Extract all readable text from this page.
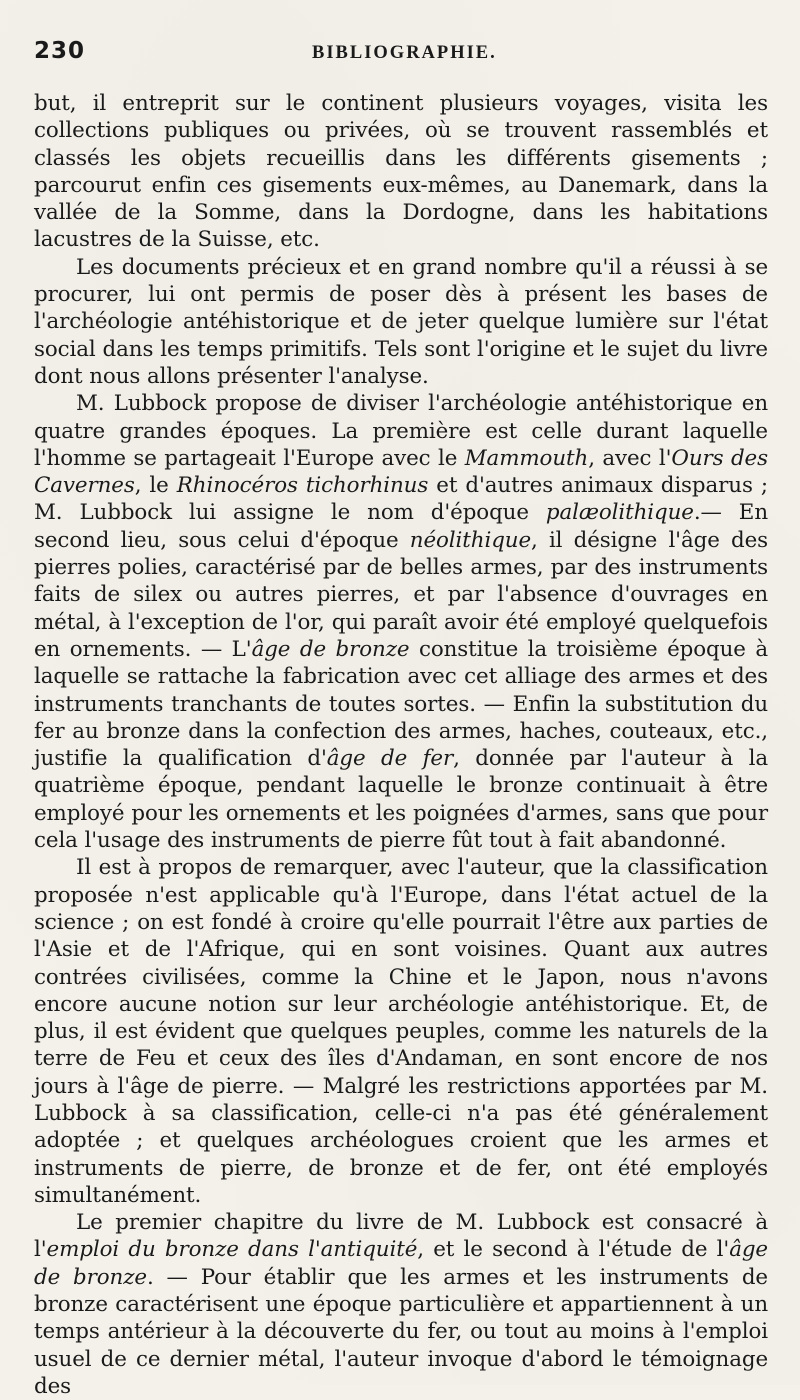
230	BIBLIOGRAPHIE.

but, il entreprit sur le continent plusieurs voyages, visita les collections publiques ou privées, où se trouvent rassemblés et classés les objets recueillis dans les différents gisements ; parcourut enfin ces gisements eux-mêmes, au Danemark, dans la vallée de la Somme, dans la Dordogne, dans les habitations lacustres de la Suisse, etc.

Les documents précieux et en grand nombre qu'il a réussi à se procurer, lui ont permis de poser dès à présent les bases de l'archéologie antéhistorique et de jeter quelque lumière sur l'état social dans les temps primitifs. Tels sont l'origine et le sujet du livre dont nous allons présenter l'analyse.

M. Lubbock propose de diviser l'archéologie antéhistorique en quatre grandes époques. La première est celle durant laquelle l'homme se partageait l'Europe avec le Mammouth, avec l'Ours des Cavernes, le Rhinocéros tichorhinus et d'autres animaux disparus ; M. Lubbock lui assigne le nom d'époque palæolithique.— En second lieu, sous celui d'époque néolithique, il désigne l'âge des pierres polies, caractérisé par de belles armes, par des instruments faits de silex ou autres pierres, et par l'absence d'ouvrages en métal, à l'exception de l'or, qui paraît avoir été employé quelquefois en ornements. — L'âge de bronze constitue la troisième époque à laquelle se rattache la fabrication avec cet alliage des armes et des instruments tranchants de toutes sortes. — Enfin la substitution du fer au bronze dans la confection des armes, haches, couteaux, etc., justifie la qualification d'âge de fer, donnée par l'auteur à la quatrième époque, pendant laquelle le bronze continuait à être employé pour les ornements et les poignées d'armes, sans que pour cela l'usage des instruments de pierre fût tout à fait abandonné.

Il est à propos de remarquer, avec l'auteur, que la classification proposée n'est applicable qu'à l'Europe, dans l'état actuel de la science ; on est fondé à croire qu'elle pourrait l'être aux parties de l'Asie et de l'Afrique, qui en sont voisines. Quant aux autres contrées civilisées, comme la Chine et le Japon, nous n'avons encore aucune notion sur leur archéologie antéhistorique. Et, de plus, il est évident que quelques peuples, comme les naturels de la terre de Feu et ceux des îles d'Andaman, en sont encore de nos jours à l'âge de pierre. — Malgré les restrictions apportées par M. Lubbock à sa classification, celle-ci n'a pas été généralement adoptée ; et quelques archéologues croient que les armes et instruments de pierre, de bronze et de fer, ont été employés simultanément.

Le premier chapitre du livre de M. Lubbock est consacré à l'emploi du bronze dans l'antiquité, et le second à l'étude de l'âge de bronze. — Pour établir que les armes et les instruments de bronze caractérisent une époque particulière et appartiennent à un temps antérieur à la découverte du fer, ou tout au moins à l'emploi usuel de ce dernier métal, l'auteur invoque d'abord le témoignage des
